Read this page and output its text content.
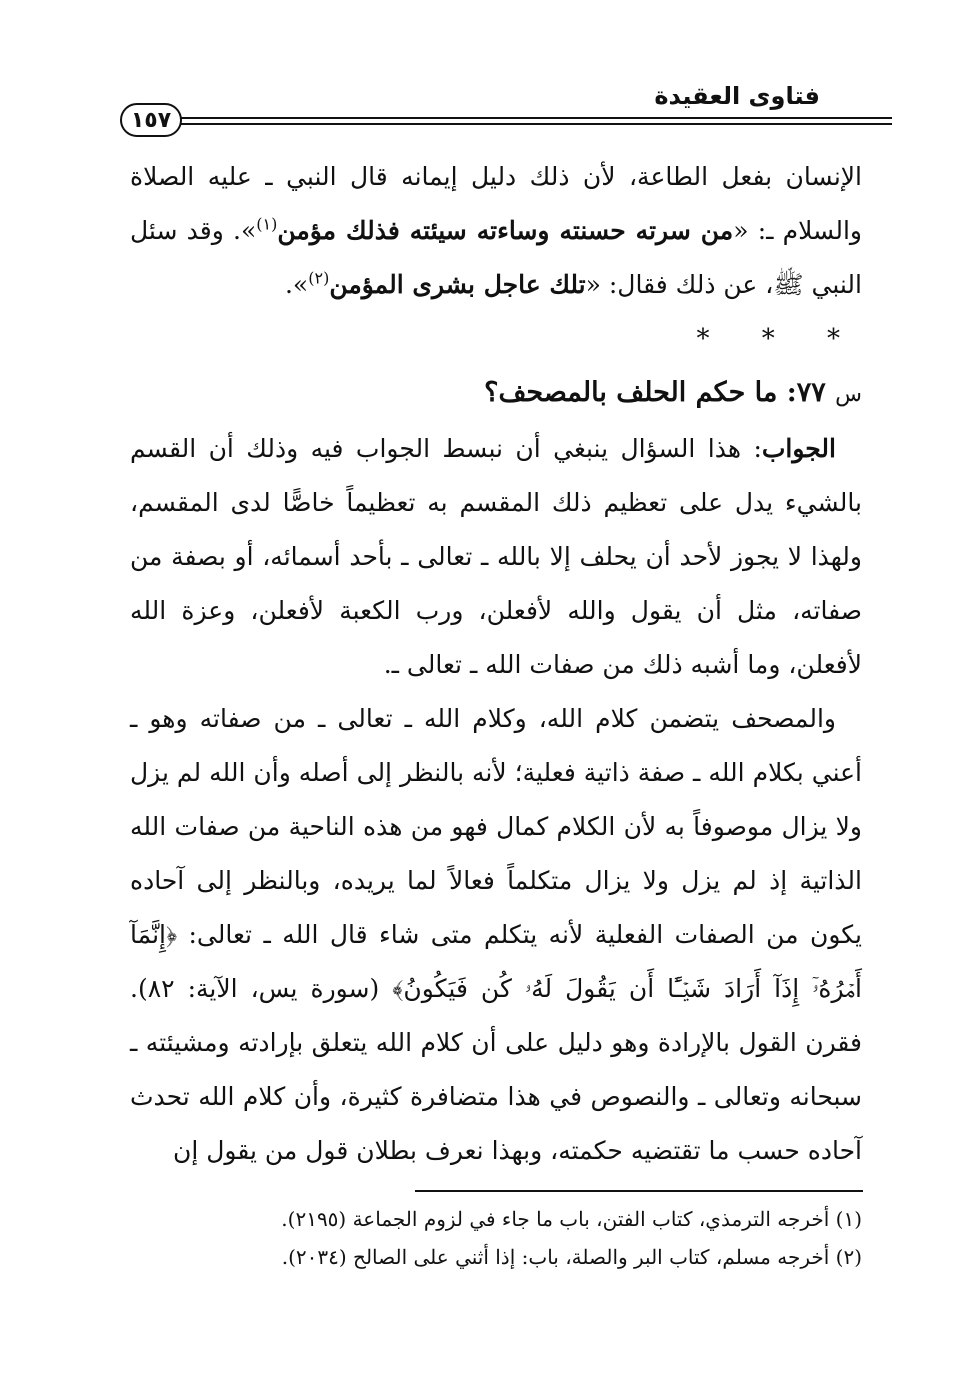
فتاوى العقيدة
١٥٧

الإنسان بفعل الطاعة، لأن ذلك دليل إيمانه قال النبي ـ عليه الصلاة والسلام ـ: «من سرته حسنته وساءته سيئته فذلك مؤمن$^{(١)}$». وقد سئل النبي ﷺ، عن ذلك فقال: «تلك عاجل بشرى المؤمن$^{(٢)}$».

* * *

س ٧٧: ما حكم الحلف بالمصحف؟

الجواب: هذا السؤال ينبغي أن نبسط الجواب فيه وذلك أن القسم بالشيء يدل على تعظيم ذلك المقسم به تعظيماً خاصًّا لدى المقسم، ولهذا لا يجوز لأحد أن يحلف إلا بالله ـ تعالى ـ بأحد أسمائه، أو بصفة من صفاته، مثل أن يقول والله لأفعلن، ورب الكعبة لأفعلن، وعزة الله لأفعلن، وما أشبه ذلك من صفات الله ـ تعالى ـ.

والمصحف يتضمن كلام الله، وكلام الله ـ تعالى ـ من صفاته وهو ـ أعني بكلام الله ـ صفة ذاتية فعلية؛ لأنه بالنظر إلى أصله وأن الله لم يزل ولا يزال موصوفاً به لأن الكلام كمال فهو من هذه الناحية من صفات الله الذاتية إذ لم يزل ولا يزال متكلماً فعالاً لما يريده، وبالنظر إلى آحاده يكون من الصفات الفعلية لأنه يتكلم متى شاء قال الله ـ تعالى: ﴿إِنَّمَآ أَمۡرُهُۥٓ إِذَآ أَرَادَ شَيۡـًٔا أَن يَقُولَ لَهُۥ كُن فَيَكُونُ﴾ (سورة يس، الآية: ٨٢). فقرن القول بالإرادة وهو دليل على أن كلام الله يتعلق بإرادته ومشيئته ـ سبحانه وتعالى ـ والنصوص في هذا متضافرة كثيرة، وأن كلام الله تحدث آحاده حسب ما تقتضيه حكمته، وبهذا نعرف بطلان قول من يقول إن

(١) أخرجه الترمذي، كتاب الفتن، باب ما جاء في لزوم الجماعة (٢١٩٥).

(٢) أخرجه مسلم، كتاب البر والصلة، باب: إذا أثني على الصالح (٢٠٣٤).
